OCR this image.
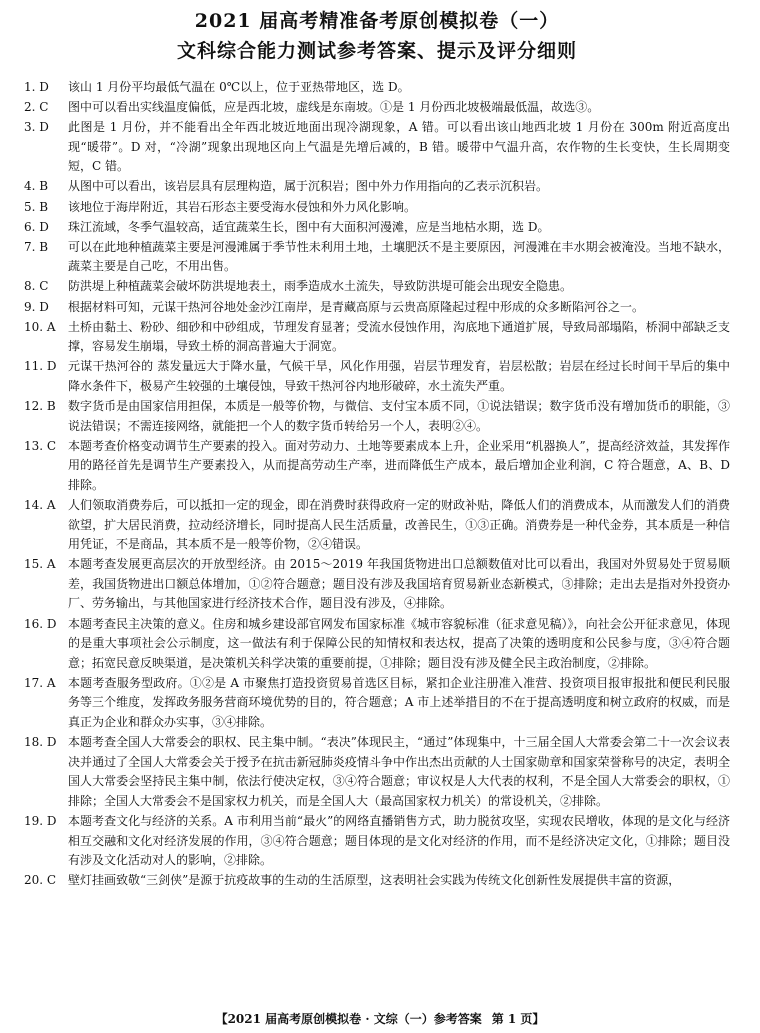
2021 届高考精准备考原创模拟卷（一）
文科综合能力测试参考答案、提示及评分细则
1. D	该山 1 月份平均最低气温在 0℃以上，位于亚热带地区，选 D。
2. C	图中可以看出实线温度偏低，应是西北坡，虚线是东南坡。①是 1 月份西北坡极端最低温，故选③。
3. D	此图是 1 月份，并不能看出全年西北坡近地面出现冷湖现象，A 错。可以看出该山地西北坡 1 月份在 300m 附近高度出现“暖带”。D 对，“冷湖”现象出现地区向上气温是先增后减的，B 错。暖带中气温升高，农作物的生长变快，生长周期变短，C 错。
4. B	从图中可以看出，该岩层具有层理构造，属于沉积岩；图中外力作用指向的乙表示沉积岩。
5. B	该地位于海岸附近，其岩石形态主要受海水侵蚀和外力风化影响。
6. D	珠江流域，冬季气温较高，适宜蔬菜生长，图中有大面积河漫滩，应是当地枯水期，选 D。
7. B	可以在此地种植蔬菜主要是河漫滩属于季节性未利用土地，土壤肥沃不是主要原因，河漫滩在丰水期会被淹没。当地不缺水，蔬菜主要是自己吃，不用出售。
8. C	防洪堤上种植蔬菜会破坏防洪堤地表土，雨季造成水土流失，导致防洪堤可能会出现安全隐患。
9. D	根据材料可知，元谋干热河谷地处金沙江南岸，是青藏高原与云贵高原隆起过程中形成的众多断陷河谷之一。
10. A	土桥由黏土、粉砂、细砂和中砂组成，节理发育显著；受流水侵蚀作用，沟底地下通道扩展，导致局部塌陷，桥洞中部缺乏支撑，容易发生崩塌，导致土桥的洞高普遍大于洞宽。
11. D 元谋干热河谷的 蒸发量远大于降水量，气候干旱，风化作用强，岩层节理发育，岩层松散；岩层在经过长时间干旱后的集中降水条件下，极易产生较强的土壤侵蚀，导致干热河谷内地形破碎，水土流失严重。
12. B	数字货币是由国家信用担保，本质是一般等价物，与微信、支付宝本质不同，①说法错误；数字货币没有增加货币的职能，③说法错误；不需连接网络，就能把一个人的数字货币转给另一个人，表明②④。
13. C 本题考查价格变动调节生产要素的投入。面对劳动力、土地等要素成本上升，企业采用“机器换人”，提高经济效益，其发挥作用的路径首先是调节生产要素投入，从而提高劳动生产率，进而降低生产成本，最后增加企业利润，C 符合题意，A、B、D 排除。
14. A	人们领取消费券后，可以抵扣一定的现金，即在消费时获得政府一定的财政补贴，降低人们的消费成本，从而激发人们的消费欲望，扩大居民消费，拉动经济增长，同时提高人民生活质量，改善民生，①③正确。消费券是一种代金券，其本质是一种信用凭证，不是商品，其本质不是一般等价物，②④错误。
15. A	本题考查发展更高层次的开放型经济。由 2015～2019 年我国货物进出口总额数值对比可以看出，我国对外贸易处于贸易顺差，我国货物进出口额总体增加，①②符合题意；题目没有涉及我国培育贸易新业态新模式，③排除；走出去是指对外投资办厂、劳务输出，与其他国家进行经济技术合作，题目没有涉及，④排除。
16. D 本题考查民主决策的意义。住房和城乡建设部官网发布国家标准《城市容貌标准（征求意见稿）》，向社会公开征求意见，体现的是重大事项社会公示制度，这一做法有利于保障公民的知情权和表达权，提高了决策的透明度和公民参与度，③④符合题意；拓宽民意反映渠道，是决策机关科学决策的重要前提，①排除；题目没有涉及健全民主政治制度，②排除。
17. A	本题考查服务型政府。①②是 A 市聚焦打造投资贸易首选区目标，紧扣企业注册准入准营、投资项目报审报批和便民利民服务等三个维度，发挥政务服务营商环境优势的目的，符合题意；A 市上述举措目的不在于提高透明度和树立政府的权威，而是真正为企业和群众办实事，③④排除。
18. D 本题考查全国人大常委会的职权、民主集中制。“表决”体现民主，“通过”体现集中，十三届全国人大常委会第二十一次会议表决并通过了全国人大常委会关于授予在抗击新冠肺炎疫情斗争中作出杰出贡献的人士国家勋章和国家荣誉称号的决定，表明全国人大常委会坚持民主集中制，依法行使决定权，③④符合题意；审议权是人大代表的权利，不是全国人大常委会的职权，①排除；全国人大常委会不是国家权力机关，而是全国人大（最高国家权力机关）的常设机关，②排除。
19. D 本题考查文化与经济的关系。A 市利用当前“最火”的网络直播销售方式，助力脱贫攻坚，实现农民增收，体现的是文化与经济相互交融和文化对经济发展的作用，③④符合题意；题目体现的是文化对经济的作用，而不是经济决定文化，①排除；题目没有涉及文化活动对人的影响，②排除。
20. C 壁灯挂画致敬“三剑侠”是源于抗疫故事的生动的生活原型，这表明社会实践为传统文化创新性发展提供丰富的资源，
【2021 届高考原创模拟卷 · 文综（一）参考答案 第 1 页】
